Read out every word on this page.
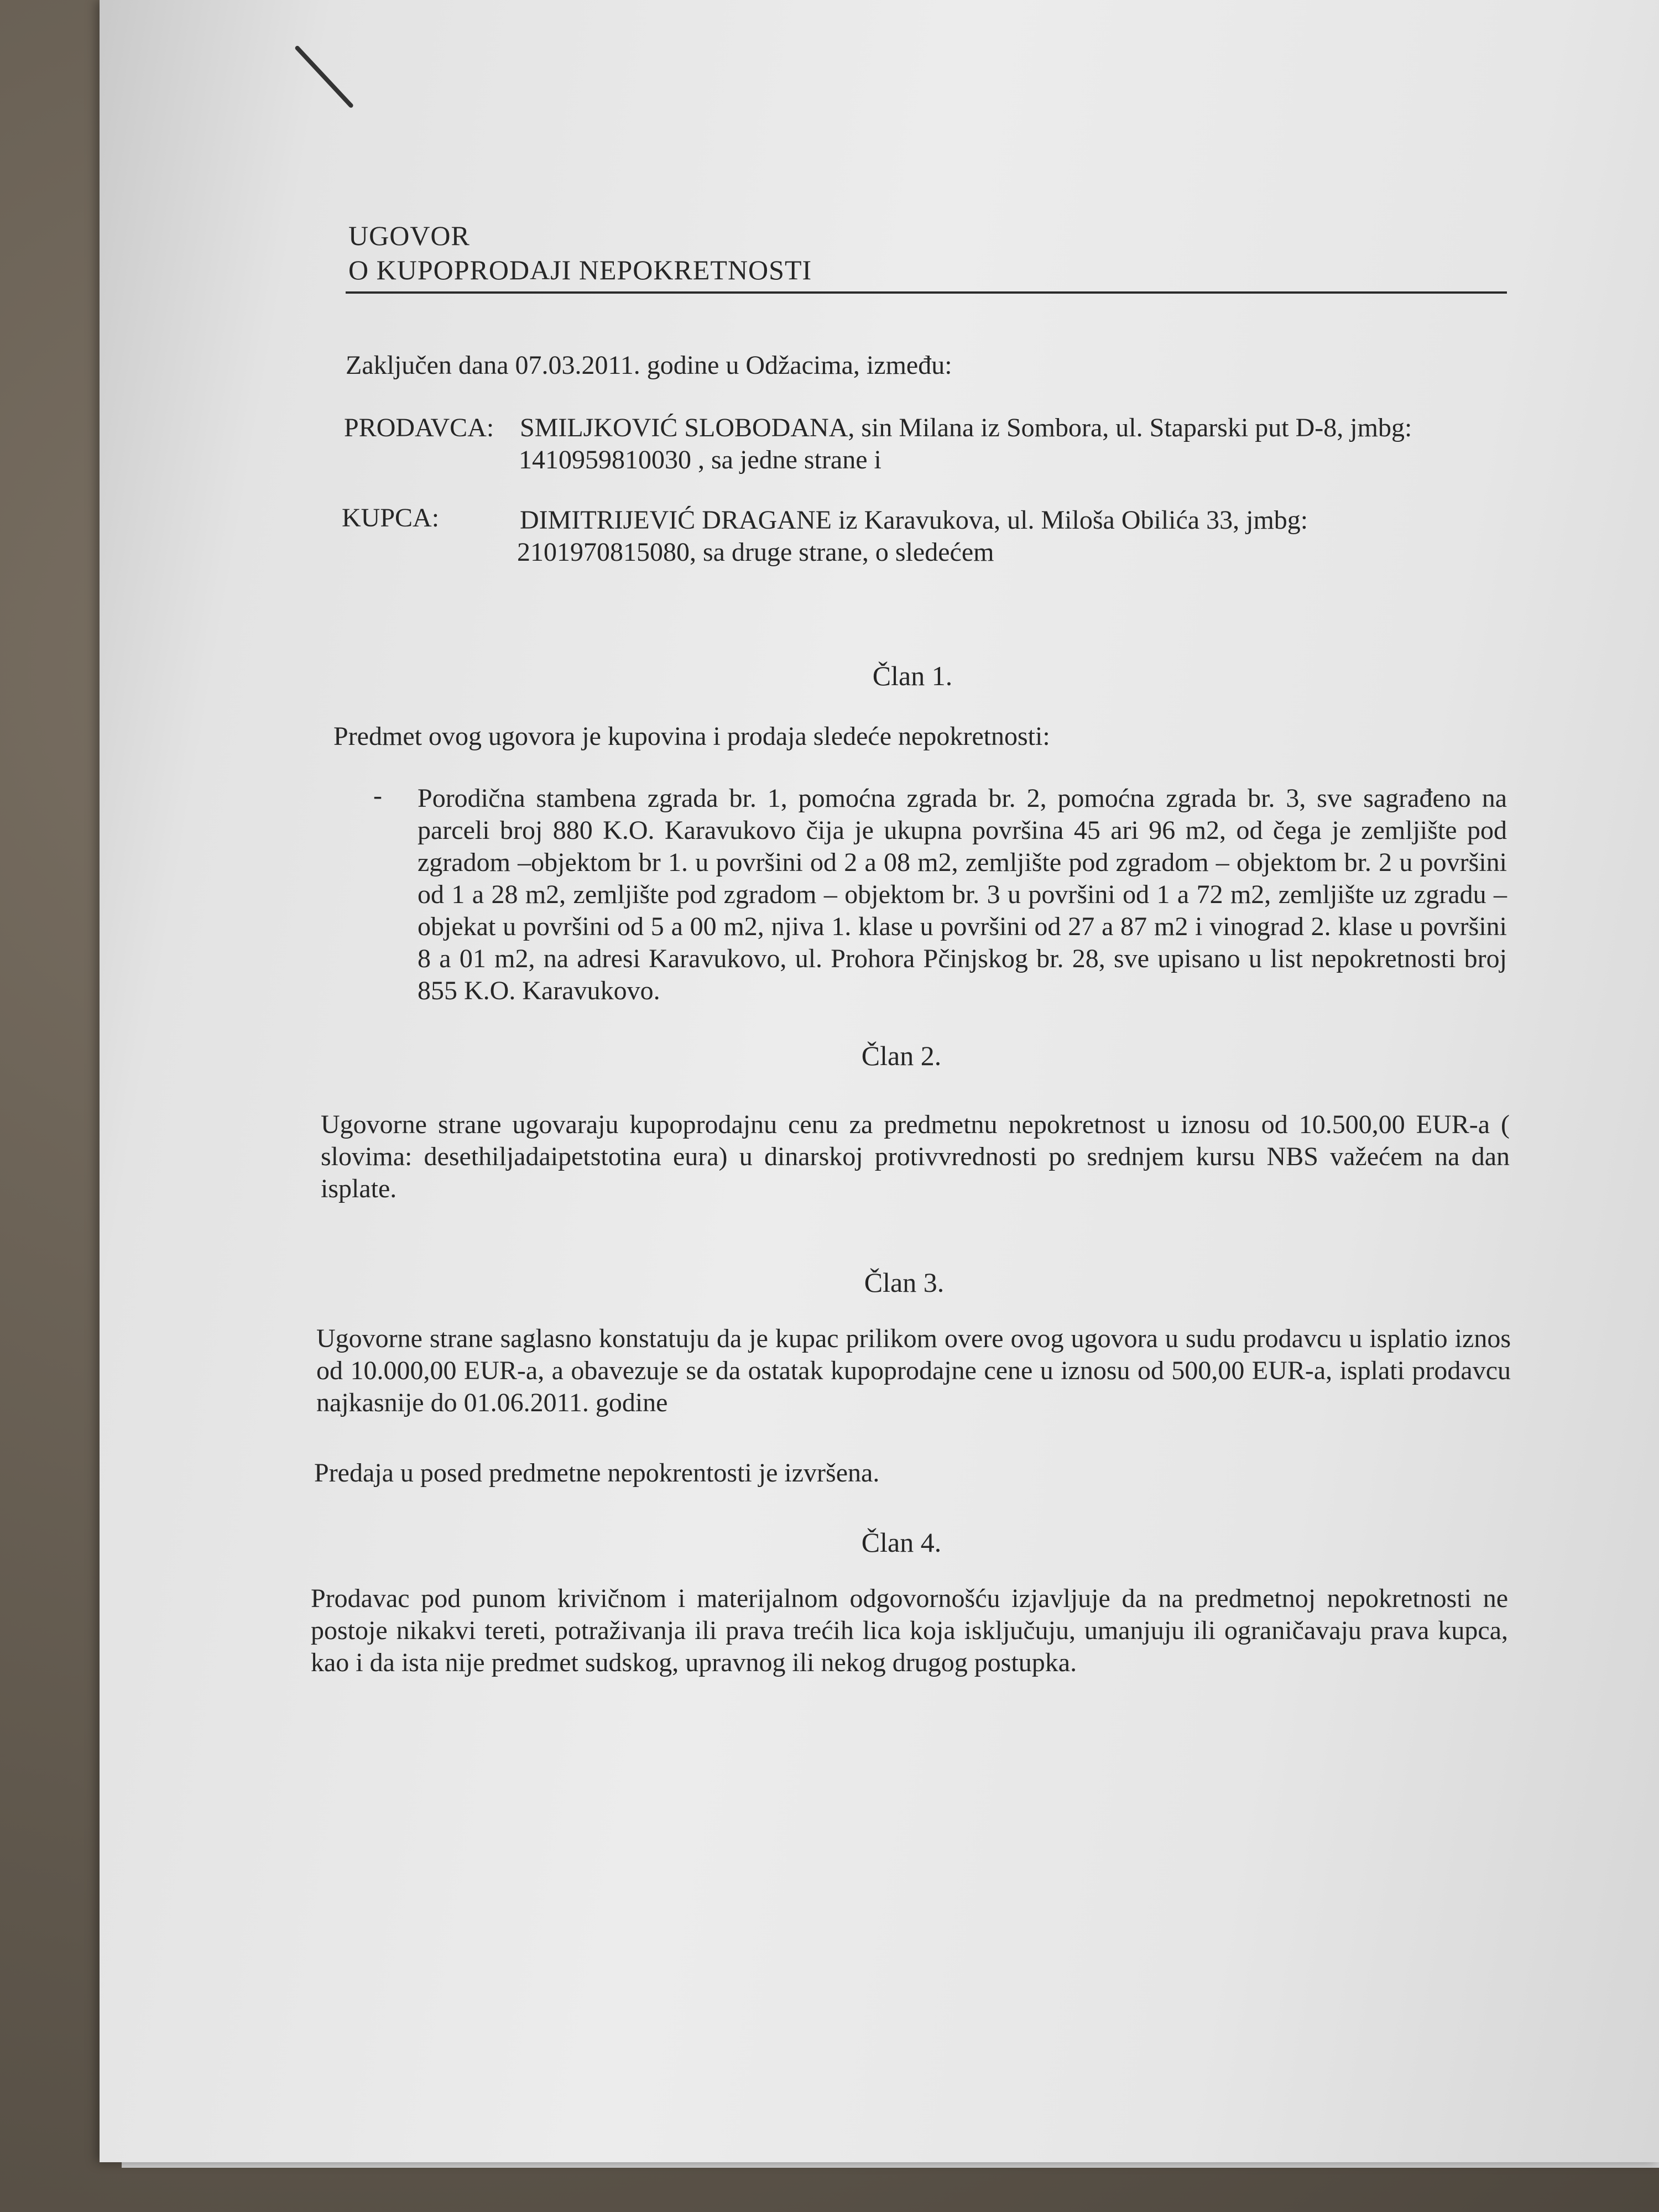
UGOVOR
O KUPOPRODAJI NEPOKRETNOSTI
Zaključen dana 07.03.2011. godine u Odžacima, između:
PRODAVCA: SMILJKOVIĆ SLOBODANA, sin Milana iz Sombora, ul. Staparski put D-8, jmbg:
1410959810030 , sa jedne strane i
KUPCA:	DIMITRIJEVIĆ DRAGANE iz Karavukova, ul. Miloša Obilića 33, jmbg:
2101970815080, sa druge strane, o sledećem
Član 1.
Predmet ovog ugovora je kupovina i prodaja sledeće nepokretnosti:
- Porodična stambena zgrada br. 1, pomoćna zgrada br. 2, pomoćna zgrada br. 3, sve sagrađeno na parceli broj 880 K.O. Karavukovo čija je ukupna površina 45 ari 96 m2, od čega je zemljište pod zgradom –objektom br 1. u površini od 2 a 08 m2, zemljište pod zgradom – objektom br. 2 u površini od 1 a 28 m2, zemljište pod zgradom – objektom br. 3 u površini od 1 a 72 m2, zemljište uz zgradu – objekat u površini od 5 a 00 m2, njiva 1. klase u površini od 27 a 87 m2 i vinograd 2. klase u površini 8 a 01 m2, na adresi Karavukovo, ul. Prohora Pčinjskog br. 28, sve upisano u list nepokretnosti broj 855 K.O. Karavukovo.
Član 2.
Ugovorne strane ugovaraju kupoprodajnu cenu za predmetnu nepokretnost u iznosu od 10.500,00 EUR-a ( slovima: desethiljadaipetstotina eura) u dinarskoj protivvrednosti po srednjem kursu NBS važećem na dan isplate.
Član 3.
Ugovorne strane saglasno konstatuju da je kupac prilikom overe ovog ugovora u sudu prodavcu u isplatio iznos od 10.000,00 EUR-a, a obavezuje se da ostatak kupoprodajne cene u iznosu od 500,00 EUR-a, isplati prodavcu najkasnije do 01.06.2011. godine
Predaja u posed predmetne nepokrentosti je izvršena.
Član 4.
Prodavac pod punom krivičnom i materijalnom odgovornošću izjavljuje da na predmetnoj nepokretnosti ne postoje nikakvi tereti, potraživanja ili prava trećih lica koja isključuju, umanjuju ili ograničavaju prava kupca, kao i da ista nije predmet sudskog, upravnog ili nekog drugog postupka.
